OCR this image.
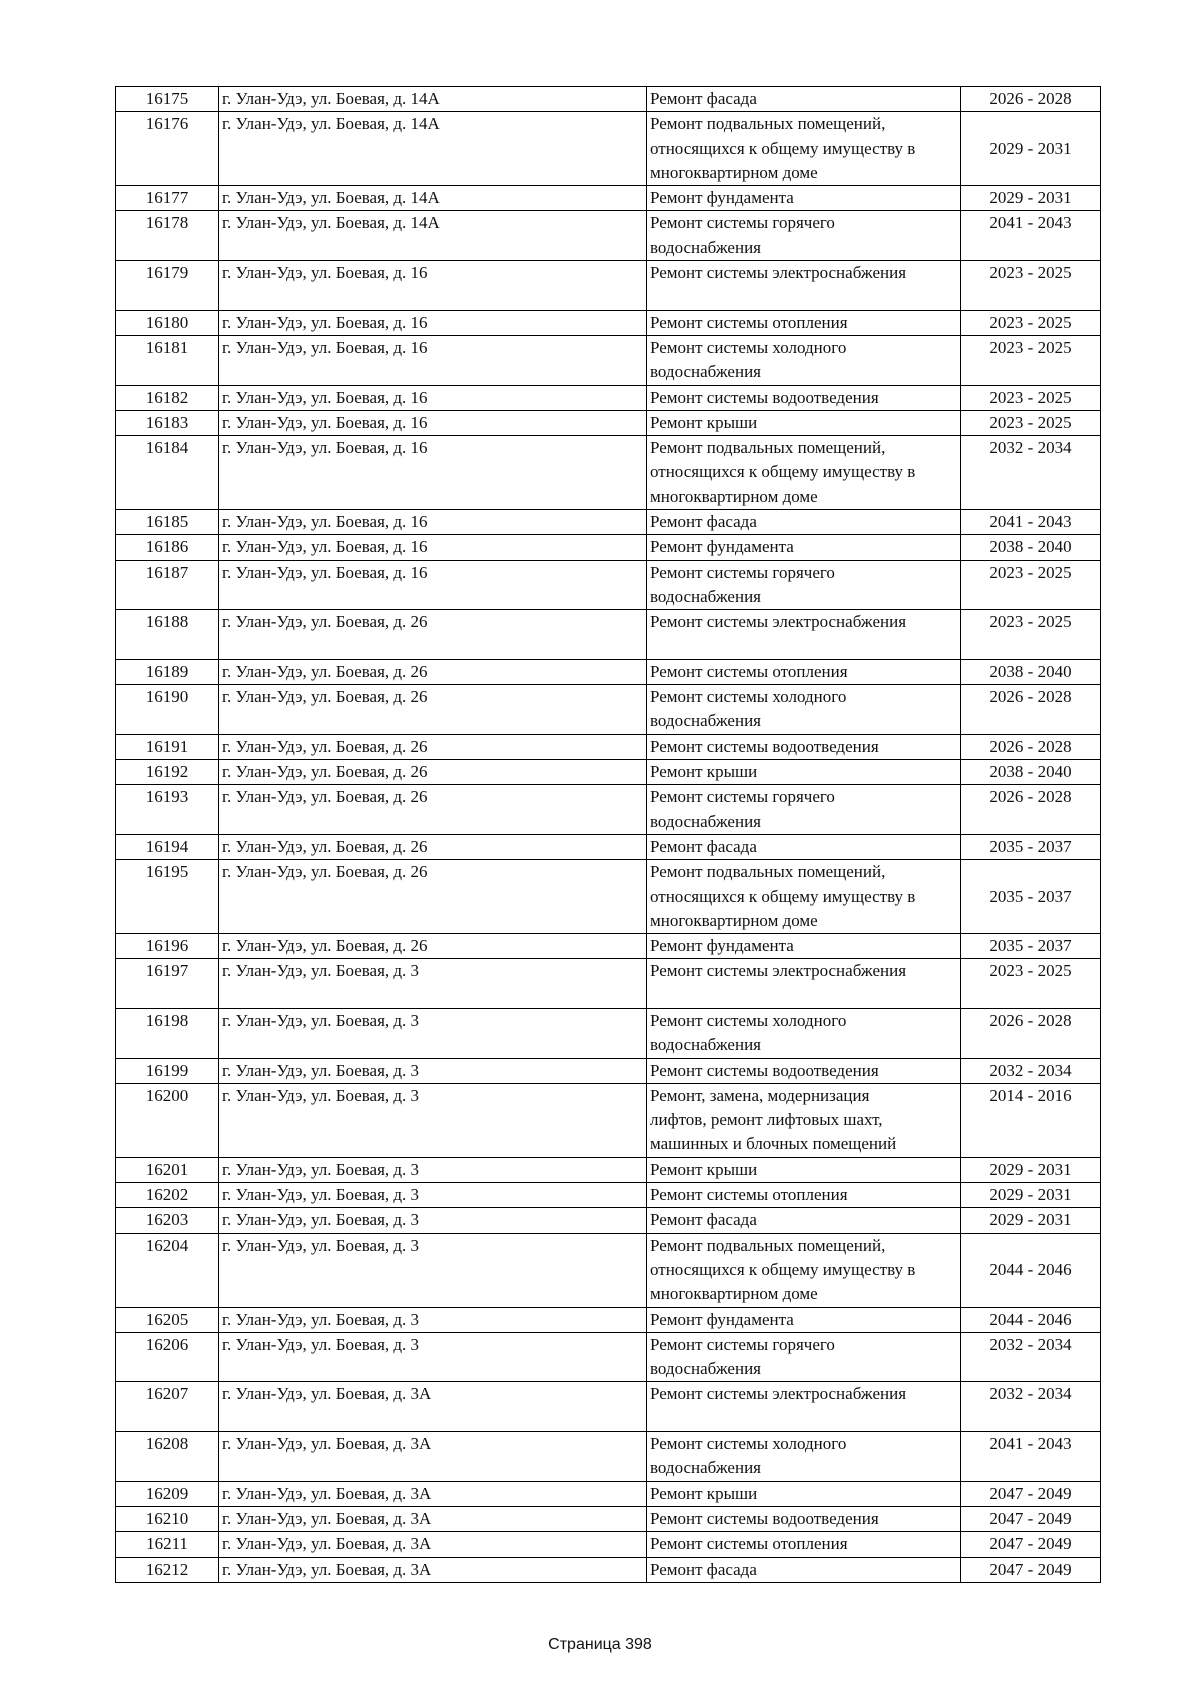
16175	г. Улан-Удэ, ул. Боевая, д. 14А	Ремонт фасада	2026 - 2028
16176	г. Улан-Удэ, ул. Боевая, д. 14А	Ремонт подвальных помещений,
относящихся к общему имуществу в
многоквартирном доме	2029 - 2031
16177	г. Улан-Удэ, ул. Боевая, д. 14А	Ремонт фундамента	2029 - 2031
16178	г. Улан-Удэ, ул. Боевая, д. 14А	Ремонт системы горячего
водоснабжения	2041 - 2043
16179	г. Улан-Удэ, ул. Боевая, д. 16	Ремонт системы электроснабжения	2023 - 2025
16180	г. Улан-Удэ, ул. Боевая, д. 16	Ремонт системы отопления	2023 - 2025
16181	г. Улан-Удэ, ул. Боевая, д. 16	Ремонт системы холодного
водоснабжения	2023 - 2025
16182	г. Улан-Удэ, ул. Боевая, д. 16	Ремонт системы водоотведения	2023 - 2025
16183	г. Улан-Удэ, ул. Боевая, д. 16	Ремонт крыши	2023 - 2025
16184	г. Улан-Удэ, ул. Боевая, д. 16	Ремонт подвальных помещений,
относящихся к общему имуществу в
многоквартирном доме	2032 - 2034
16185	г. Улан-Удэ, ул. Боевая, д. 16	Ремонт фасада	2041 - 2043
16186	г. Улан-Удэ, ул. Боевая, д. 16	Ремонт фундамента	2038 - 2040
16187	г. Улан-Удэ, ул. Боевая, д. 16	Ремонт системы горячего
водоснабжения	2023 - 2025
16188	г. Улан-Удэ, ул. Боевая, д. 26	Ремонт системы электроснабжения	2023 - 2025
16189	г. Улан-Удэ, ул. Боевая, д. 26	Ремонт системы отопления	2038 - 2040
16190	г. Улан-Удэ, ул. Боевая, д. 26	Ремонт системы холодного
водоснабжения	2026 - 2028
16191	г. Улан-Удэ, ул. Боевая, д. 26	Ремонт системы водоотведения	2026 - 2028
16192	г. Улан-Удэ, ул. Боевая, д. 26	Ремонт крыши	2038 - 2040
16193	г. Улан-Удэ, ул. Боевая, д. 26	Ремонт системы горячего
водоснабжения	2026 - 2028
16194	г. Улан-Удэ, ул. Боевая, д. 26	Ремонт фасада	2035 - 2037
16195	г. Улан-Удэ, ул. Боевая, д. 26	Ремонт подвальных помещений,
относящихся к общему имуществу в
многоквартирном доме	2035 - 2037
16196	г. Улан-Удэ, ул. Боевая, д. 26	Ремонт фундамента	2035 - 2037
16197	г. Улан-Удэ, ул. Боевая, д. 3	Ремонт системы электроснабжения	2023 - 2025
16198	г. Улан-Удэ, ул. Боевая, д. 3	Ремонт системы холодного
водоснабжения	2026 - 2028
16199	г. Улан-Удэ, ул. Боевая, д. 3	Ремонт системы водоотведения	2032 - 2034
16200	г. Улан-Удэ, ул. Боевая, д. 3	Ремонт, замена, модернизация
лифтов, ремонт лифтовых шахт,
машинных и блочных помещений	2014 - 2016
16201	г. Улан-Удэ, ул. Боевая, д. 3	Ремонт крыши	2029 - 2031
16202	г. Улан-Удэ, ул. Боевая, д. 3	Ремонт системы отопления	2029 - 2031
16203	г. Улан-Удэ, ул. Боевая, д. 3	Ремонт фасада	2029 - 2031
16204	г. Улан-Удэ, ул. Боевая, д. 3	Ремонт подвальных помещений,
относящихся к общему имуществу в
многоквартирном доме	2044 - 2046
16205	г. Улан-Удэ, ул. Боевая, д. 3	Ремонт фундамента	2044 - 2046
16206	г. Улан-Удэ, ул. Боевая, д. 3	Ремонт системы горячего
водоснабжения	2032 - 2034
16207	г. Улан-Удэ, ул. Боевая, д. 3А	Ремонт системы электроснабжения	2032 - 2034
16208	г. Улан-Удэ, ул. Боевая, д. 3А	Ремонт системы холодного
водоснабжения	2041 - 2043
16209	г. Улан-Удэ, ул. Боевая, д. 3А	Ремонт крыши	2047 - 2049
16210	г. Улан-Удэ, ул. Боевая, д. 3А	Ремонт системы водоотведения	2047 - 2049
16211	г. Улан-Удэ, ул. Боевая, д. 3А	Ремонт системы отопления	2047 - 2049
16212	г. Улан-Удэ, ул. Боевая, д. 3А	Ремонт фасада	2047 - 2049
Страница 398
